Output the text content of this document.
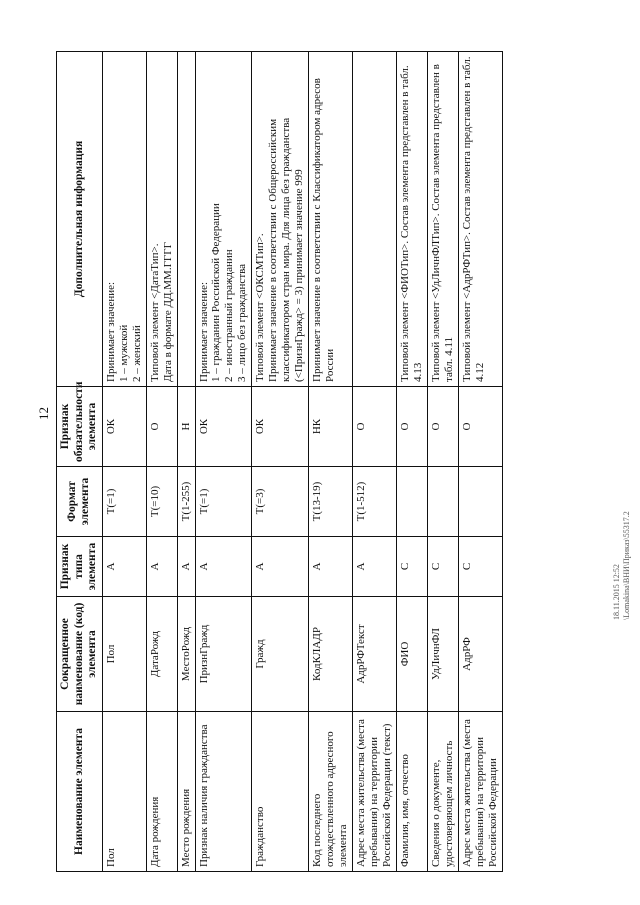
12
Наименование элемента	Сокращенное наименование (код) элемента	Признак типа элемента	Формат элемента	Признак обязательности элемента	Дополнительная информация
Пол	Пол	А	T(=1)	ОК	Принимает значение: 1 – мужской 2 – женский

Дата рождения	ДатаРожд	А	T(=10)	О	Типовой элемент <ДатаТип>. Дата в формате ДД.ММ.ГГГГ

Место рождения	МестоРожд	А	T(1-255)	Н	
Признак наличия гражданства	ПризнГражд	А	T(=1)	ОК	Принимает значение: 1 – гражданин Российской Федерации 2 – иностранный гражданин 3 – лицо без гражданства

Гражданство	Гражд	А	T(=3)	ОК	Типовой элемент <ОКСМТип>. Принимает значение в соответствии с Общероссийским классификатором стран мира. Для лица без гражданства (<ПризнГражд> = 3) принимает значение 999

Код последнего отождествленного адресного элемента	КодКЛАДР	А	T(13-19)	НК	Принимает значение в соответствии с Классификатором адресов России

Адрес места жительства (места пребывания) на территории Российской Федерации (текст)	АдрРФТекст	А	T(1-512)	О	
Фамилия, имя, отчество	ФИО	С		О	Типовой элемент <ФИОТип>. Состав элемента представлен в табл. 4.13

Сведения о документе, удостоверяющем личность	УдЛичнФЛ	С		О	Типовой элемент <УдЛичнФЛТип>. Состав элемента представлен в табл. 4.11

Адрес места жительства (места пребывания) на территории Российской Федерации	АдрРФ	С		О	Типовой элемент <АдрРФТип>. Состав элемента представлен в табл. 4.12
18.11.2015 12:52 \Lomakina\ВНИ\Приказ\55317.2
